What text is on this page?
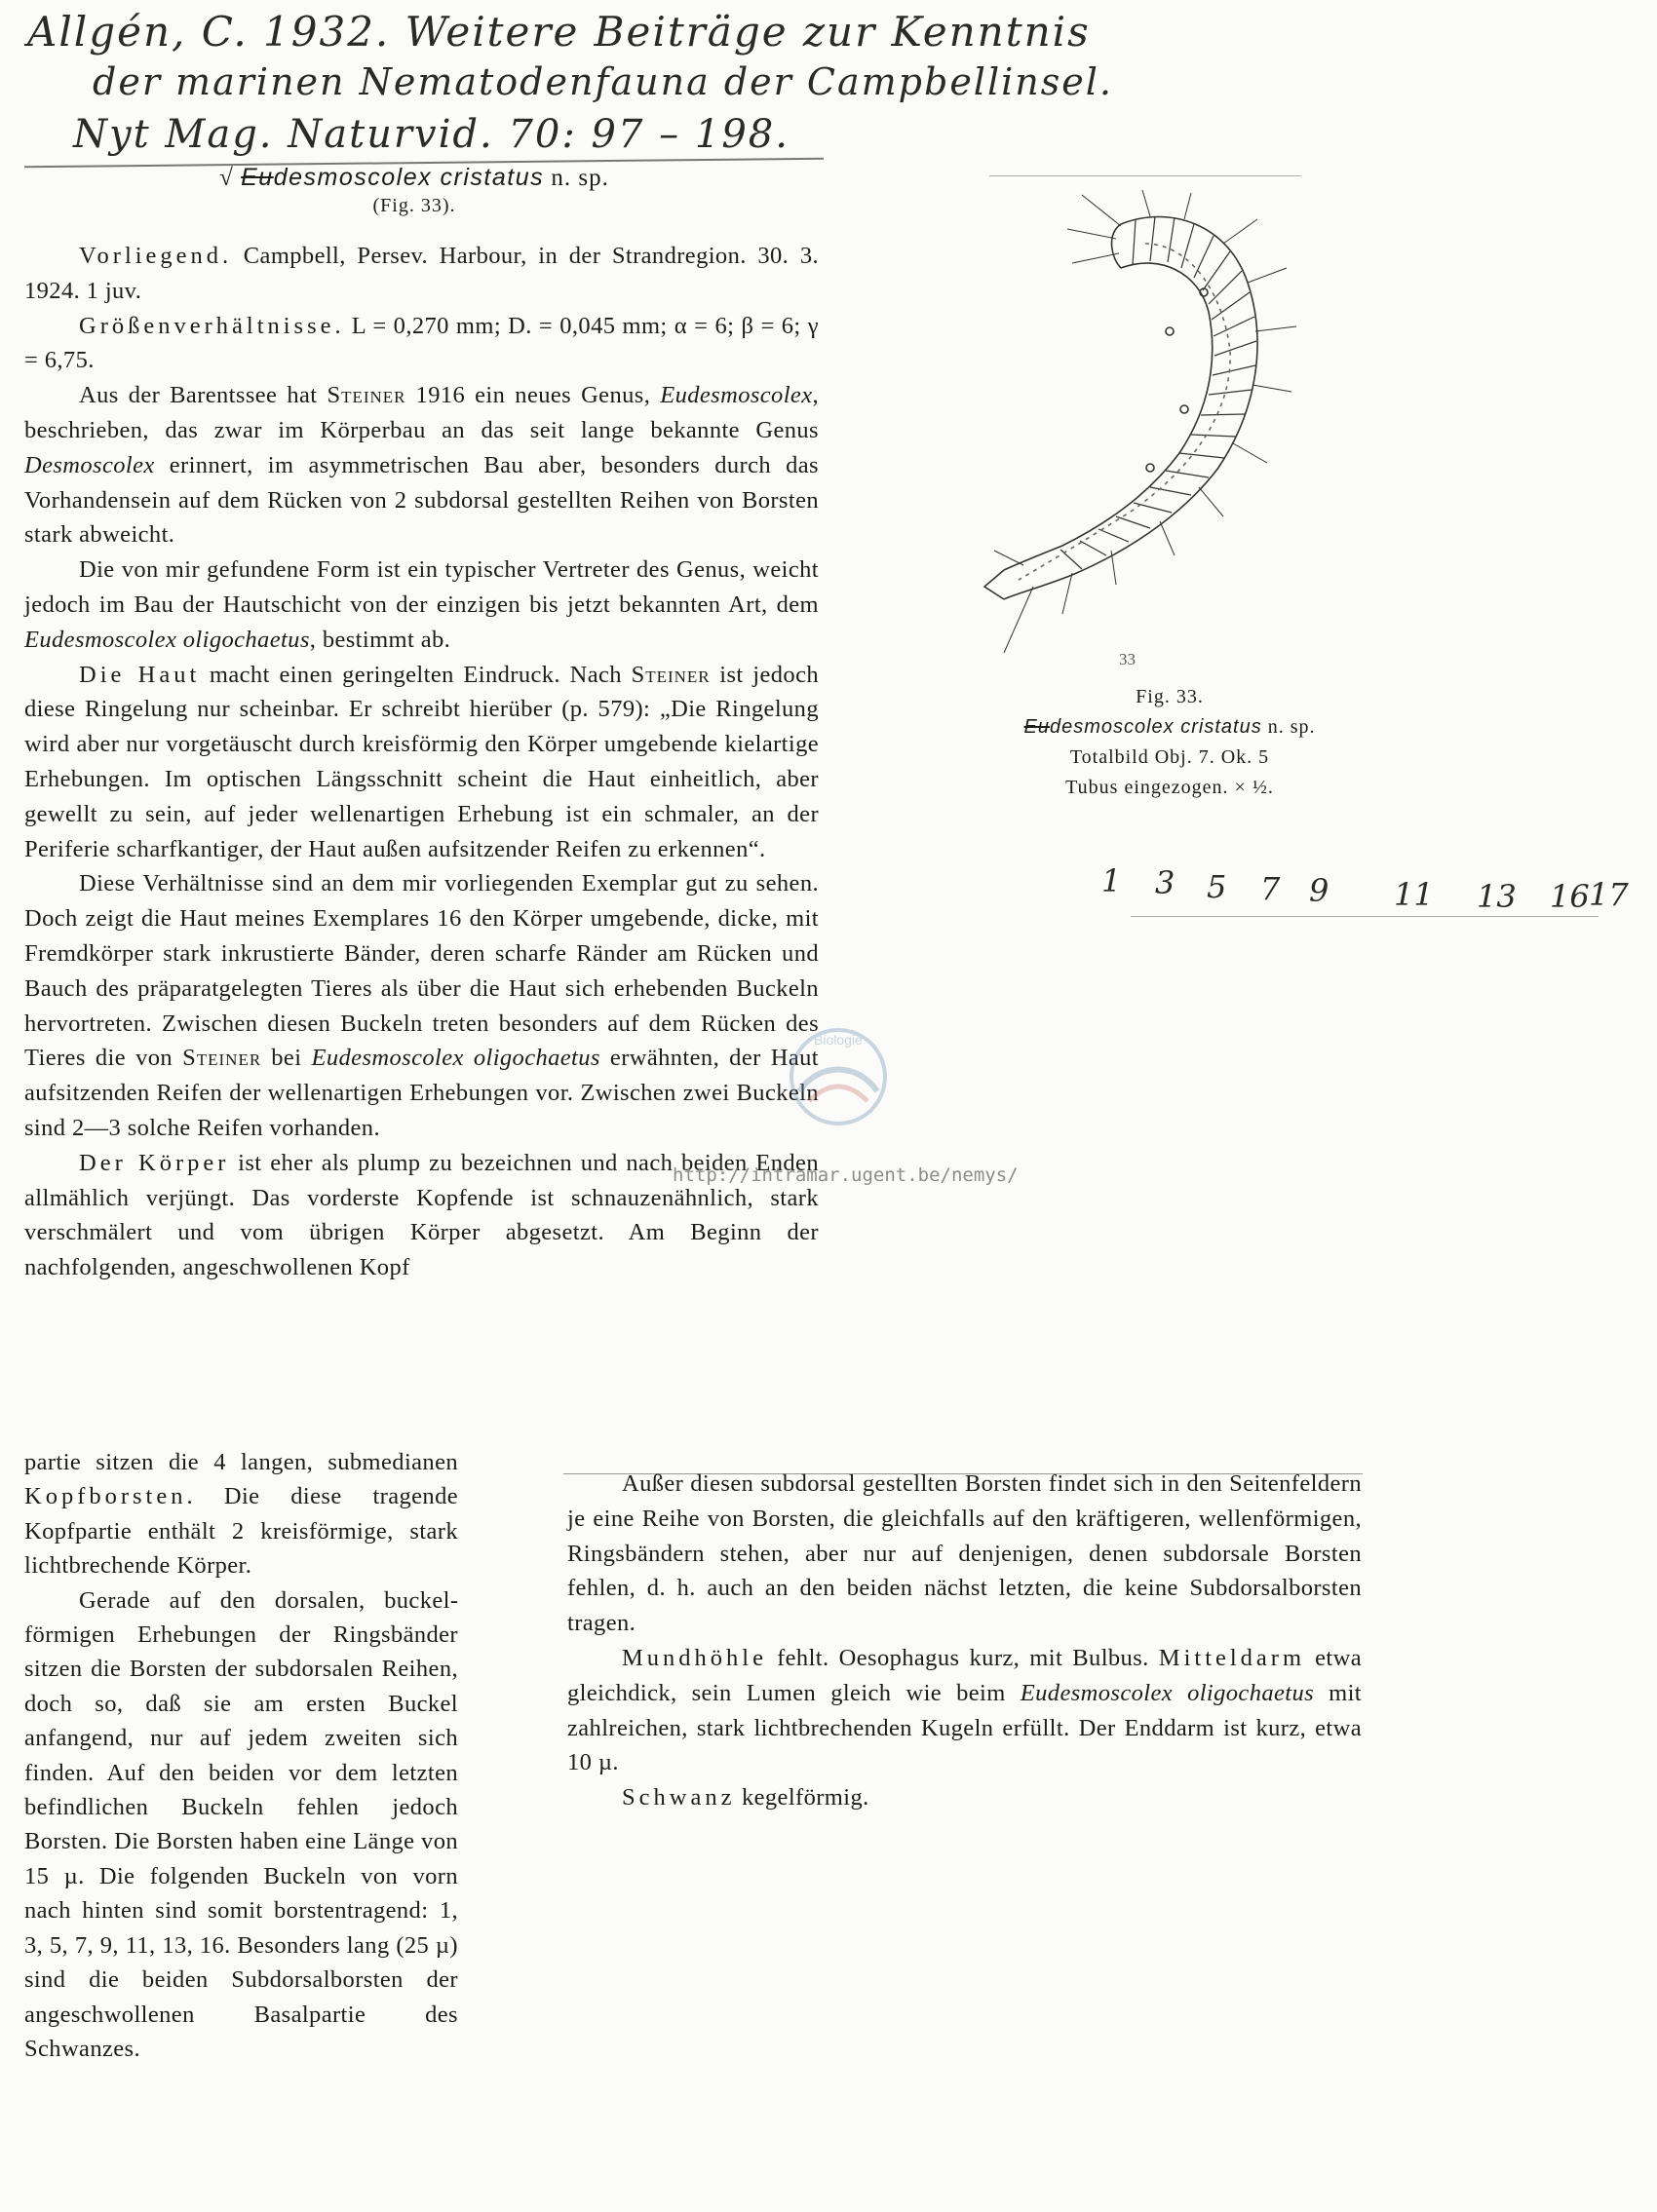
Allgén, C. 1932. Weitere Beiträge zur Kenntnis
der marinen Nematodenfauna der Campbellinsel.
Nyt Mag. Naturvid. 70: 97 – 198.
√ Eudesmoscolex cristatus n. sp.
(Fig. 33).

Vorliegend. Campbell, Persev. Harbour, in der Strandregion. 30. 3. 1924. 1 juv.

Größenverhältnisse. L = 0,270 mm; D. = 0,045 mm; α = 6; β = 6; γ = 6,75.

Aus der Barentssee hat Steiner 1916 ein neues Genus, Eudesmoscolex, beschrieben, das zwar im Körperbau an das seit lange bekannte Genus Desmoscolex erinnert, im asymmetrischen Bau aber, besonders durch das Vorhandensein auf dem Rücken von 2 subdorsal gestellten Reihen von Borsten stark abweicht.

Die von mir gefundene Form ist ein typischer Vertreter des Genus, weicht jedoch im Bau der Hautschicht von der einzigen bis jetzt bekannten Art, dem Eudesmoscolex oligochaetus, bestimmt ab.

Die Haut macht einen geringelten Eindruck. Nach Steiner ist jedoch diese Ringelung nur scheinbar. Er schreibt hierüber (p. 579): „Die Ringelung wird aber nur vorgetäuscht durch kreisförmig den Körper umgebende kielartige Erhebungen. Im optischen Längsschnitt scheint die Haut einheitlich, aber gewellt zu sein, auf jeder wellenartigen Erhebung ist ein schmaler, an der Periferie scharfkantiger, der Haut außen aufsitzender Reifen zu erkennen“.

Diese Verhältnisse sind an dem mir vorliegenden Exemplar gut zu sehen. Doch zeigt die Haut meines Exemplares 16 den Körper umgebende, dicke, mit Fremdkörper stark inkrustierte Bänder, deren scharfe Ränder am Rücken und Bauch des präparatgelegten Tieres als über die Haut sich erhebenden Buckeln hervortreten. Zwischen diesen Buckeln treten besonders auf dem Rücken des Tieres die von Steiner bei Eudesmoscolex oligochaetus erwähnten, der Haut aufsitzenden Reifen der wellenartigen Erhebungen vor. Zwischen zwei Buckeln sind 2—3 solche Reifen vorhanden.

Der Körper ist eher als plump zu bezeichnen und nach beiden Enden allmählich verjüngt. Das vorderste Kopfende ist schnauzenähnlich, stark verschmälert und vom übrigen Körper abgesetzt. Am Beginn der nachfolgenden, angeschwollenen Kopf

partie sitzen die 4 langen, submedianen Kopfborsten. Die diese tragende Kopfpartie enthält 2 kreisförmige, stark lichtbrechende Körper.

Gerade auf den dorsalen, buckelförmigen Erhebungen der Ringsbänder sitzen die Borsten der subdorsalen Reihen, doch so, daß sie am ersten Buckel anfangend, nur auf jedem zweiten sich finden. Auf den beiden vor dem letzten befindlichen Buckeln fehlen jedoch Borsten. Die Borsten haben eine Länge von 15 µ. Die folgenden Buckeln von vorn nach hinten sind somit borstentragend: 1, 3, 5, 7, 9, 11, 13, 16. Besonders lang (25 µ) sind die beiden Subdorsalborsten der angeschwollenen Basalpartie des Schwanzes.

Außer diesen subdorsal gestellten Borsten findet sich in den Seitenfeldern je eine Reihe von Borsten, die gleichfalls auf den kräftigeren, wellenförmigen, Ringsbändern stehen, aber nur auf denjenigen, denen subdorsale Borsten fehlen, d. h. auch an den beiden nächst letzten, die keine Subdorsalborsten tragen.

Mundhöhle fehlt. Oesophagus kurz, mit Bulbus. Mitteldarm etwa gleichdick, sein Lumen gleich wie beim Eudesmoscolex oligochaetus mit zahlreichen, stark lichtbrechenden Kugeln erfüllt. Der Enddarm ist kurz, etwa 10 µ.

Schwanz kegelförmig.

33
Fig. 33.
Eudesmoscolex cristatus n. sp.
Totalbild Obj. 7. Ok. 5
Tubus eingezogen. × ½.
1 3 5 7 9 11 13 16 17
Biologie
http://intramar.ugent.be/nemys/
